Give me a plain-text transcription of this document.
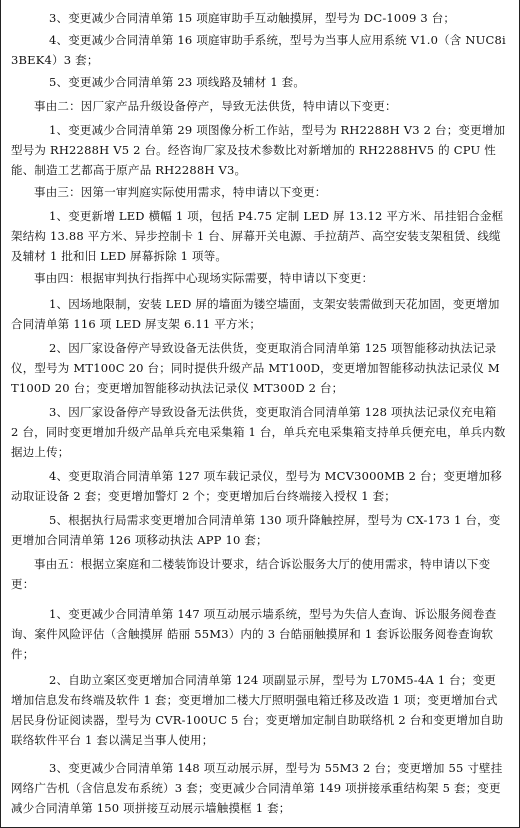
3、变更减少合同清单第 15 项庭审助手互动触摸屏，型号为 DC-1009 3 台；

4、变更减少合同清单第 16 项庭审助手系统，型号为当事人应用系统 V1.0（含 NUC8i3BEK4）3 套；

5、变更减少合同清单第 23 项线路及辅材 1 套。

事由二：因厂家产品升级设备停产，导致无法供货，特申请以下变更：

1、变更减少合同清单第 29 项图像分析工作站，型号为 RH2288H V3 2 台；变更增加型号为 RH2288H V5 2 台。经咨询厂家及技术参数比对新增加的 RH2288HV5 的 CPU 性能、制造工艺都高于原产品 RH2288H V3。

事由三：因第一审判庭实际使用需求，特申请以下变更：

1、变更新增 LED 横幅 1 项，包括 P4.75 定制 LED 屏 13.12 平方米、吊挂铝合金框架结构 13.88 平方米、异步控制卡 1 台、屏幕开关电源、手拉葫芦、高空安装支架租赁、线缆及辅材 1 批和旧 LED 屏幕拆除 1 项等。

事由四：根据审判执行指挥中心现场实际需要，特申请以下变更：

1、因场地限制，安装 LED 屏的墙面为镂空墙面，支架安装需做到天花加固，变更增加合同清单第 116 项 LED 屏支架 6.11 平方米；

2、因厂家设备停产导致设备无法供货，变更取消合同清单第 125 项智能移动执法记录仪，型号为 MT100C 20 台；同时提供升级产品 MT100D，变更增加智能移动执法记录仪 MT100D 20 台；变更增加智能移动执法记录仪 MT300D 2 台；

3、因厂家设备停产导致设备无法供货，变更取消合同清单第 128 项执法记录仪充电箱 2 台，同时变更增加升级产品单兵充电采集箱 1 台，单兵充电采集箱支持单兵便充电，单兵内数据边上传；

4、变更取消合同清单第 127 项车载记录仪，型号为 MCV3000MB 2 台；变更增加移动取证设备 2 套；变更增加警灯 2 个；变更增加后台终端接入授权 1 套；

5、根据执行局需求变更增加合同清单第 130 项升降触控屏，型号为 CX-173 1 台，变更增加合同清单第 126 项移动执法 APP 10 套；

事由五：根据立案庭和二楼装饰设计要求，结合诉讼服务大厅的使用需求，特申请以下变更：

1、变更减少合同清单第 147 项互动展示墙系统，型号为失信人查询、诉讼服务阅卷查询、案件风险评估（含触摸屏 皓丽 55M3）内的 3 台皓丽触摸屏和 1 套诉讼服务阅卷查询软件；

2、自助立案区变更增加合同清单第 124 项副显示屏，型号为 L70M5-4A 1 台；变更增加信息发布终端及软件 1 套；变更增加二楼大厅照明强电箱迁移及改造 1 项；变更增加台式居民身份证阅读器，型号为 CVR-100UC 5 台；变更增加定制自助联络机 2 台和变更增加自助联络软件平台 1 套以满足当事人使用；

3、变更减少合同清单第 148 项互动展示屏，型号为 55M3 2 台；变更增加 55 寸壁挂网络广告机（含信息发布系统）3 套；变更减少合同清单第 149 项拼接承重结构架 5 套；变更减少合同清单第 150 项拼接互动展示墙触摸框 1 套；
